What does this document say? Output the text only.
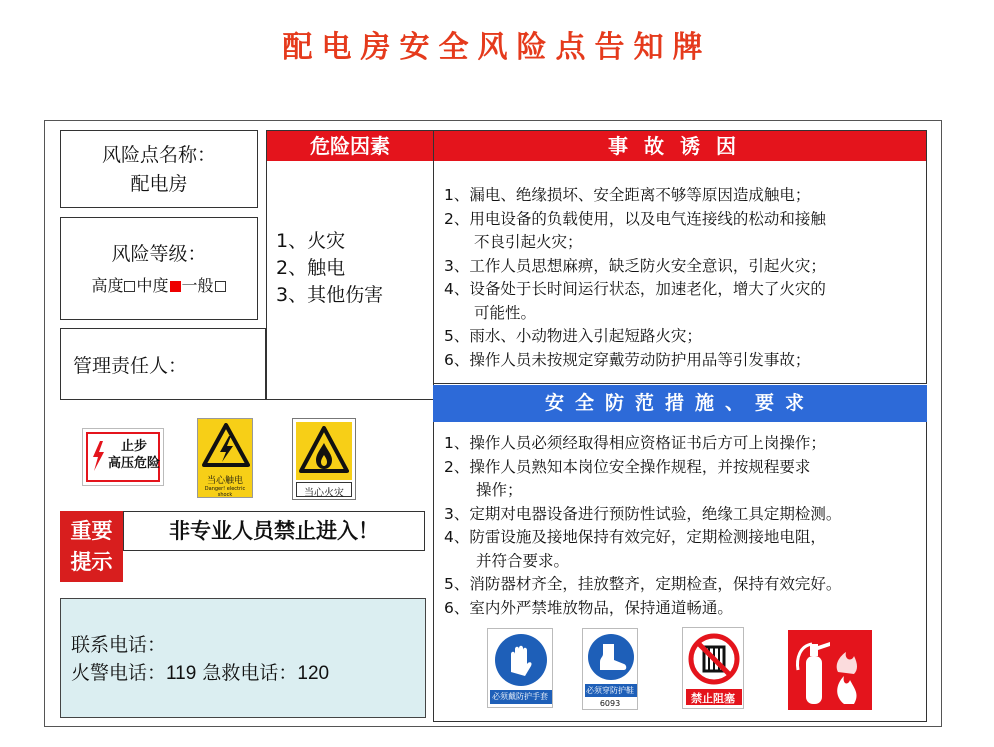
配电房安全风险点告知牌
风险点名称：
配电房
风险等级：
高度 中度 一般
管理责任人：
危险因素
1、火灾
2、触电
3、其他伤害
事故诱因
1、漏电、绝缘损坏、安全距离不够等原因造成触电；
2、用电设备的负载使用，以及电气连接线的松动和接触
不良引起火灾；
3、工作人员思想麻痹，缺乏防火安全意识，引起火灾；
4、设备处于长时间运行状态，加速老化，增大了火灾的
可能性。
5、雨水、小动物进入引起短路火灾；
6、操作人员未按规定穿戴劳动防护用品等引发事故；
安全防范措施、要求
1、操作人员必须经取得相应资格证书后方可上岗操作；
2、操作人员熟知本岗位安全操作规程，并按规程要求
操作；
3、定期对电器设备进行预防性试验，绝缘工具定期检测。
4、防雷设施及接地保持有效完好，定期检测接地电阻，
并符合要求。
5、消防器材齐全，挂放整齐，定期检查，保持有效完好。
6、室内外严禁堆放物品，保持通道畅通。
止步
高压危险
当心触电
Danger! electric shock	当心火灾
重要
提示
非专业人员禁止进入！
联系电话：
火警电话：119 急救电话：120
必须戴防护手套
必须穿防护鞋
6093	禁止阻塞
